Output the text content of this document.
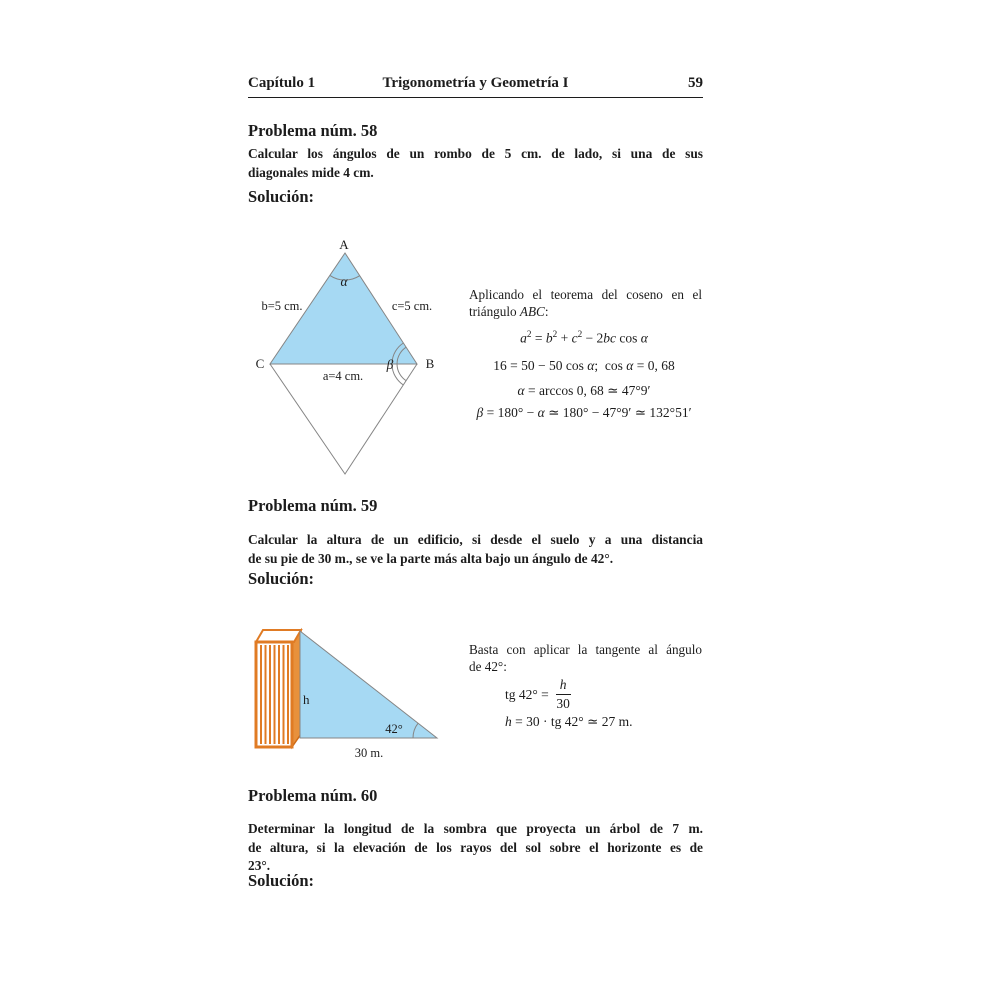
Capítulo 1	Trigonometría y Geometría I	59
Problema núm. 58
Calcular los ángulos de un rombo de 5 cm. de lado, si una de sus
diagonales mide 4 cm.
Solución:
A
C	B
α
β
b=5 cm.	c=5 cm.
a=4 cm.
Aplicando el teorema del coseno en el
triángulo ABC:
$a^2 = b^2 + c^2 - 2bc$ cos α
16 = 50 − 50 cos α;  cos α = 0, 68
α = arccos 0, 68 ≃ 47°9′
β = 180° − α ≃ 180° − 47°9′ ≃ 132°51′
Problema núm. 59
Calcular la altura de un edificio, si desde el suelo y a una distancia
de su pie de 30 m., se ve la parte más alta bajo un ángulo de 42°.
Solución:
h
42°
30 m.
Basta con aplicar la tangente al ángulo
de 42°:
tg $42^\circ = \frac{h}{30}$
h = 30 · tg 42° ≃ 27 m.
Problema núm. 60
Determinar la longitud de la sombra que proyecta un árbol de 7 m.
de altura, si la elevación de los rayos del sol sobre el horizonte es de
23°.
Solución:
